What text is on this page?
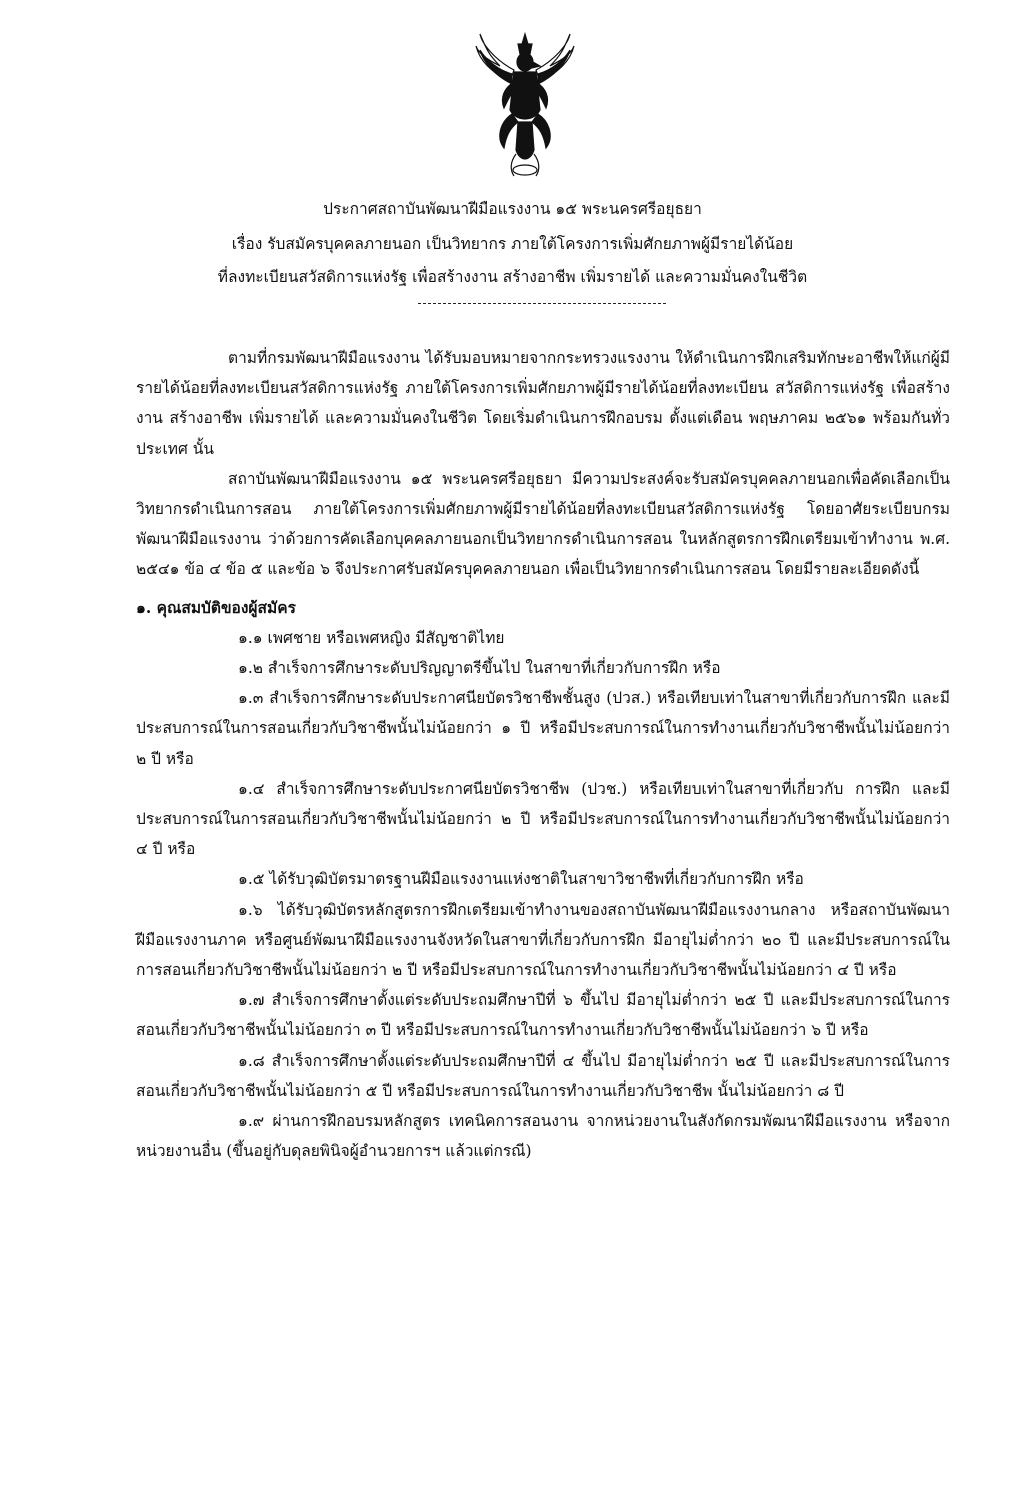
ประกาศสถาบันพัฒนาฝีมือแรงงาน ๑๕ พระนครศรีอยุธยา
เรื่อง รับสมัครบุคคลภายนอก เป็นวิทยากร ภายใต้โครงการเพิ่มศักยภาพผู้มีรายได้น้อย
ที่ลงทะเบียนสวัสดิการแห่งรัฐ เพื่อสร้างงาน สร้างอาชีพ เพิ่มรายได้ และความมั่นคงในชีวิต

ตามที่กรมพัฒนาฝีมือแรงงาน ได้รับมอบหมายจากกระทรวงแรงงาน ให้ดำเนินการฝึกเสริมทักษะอาชีพให้แก่ผู้มีรายได้น้อยที่ลงทะเบียนสวัสดิการแห่งรัฐ ภายใต้โครงการเพิ่มศักยภาพผู้มีรายได้น้อยที่ลงทะเบียน สวัสดิการแห่งรัฐ เพื่อสร้างงาน สร้างอาชีพ เพิ่มรายได้ และความมั่นคงในชีวิต โดยเริ่มดำเนินการฝึกอบรม ตั้งแต่เดือน พฤษภาคม ๒๕๖๑ พร้อมกันทั่วประเทศ นั้น

สถาบันพัฒนาฝีมือแรงงาน ๑๕ พระนครศรีอยุธยา มีความประสงค์จะรับสมัครบุคคลภายนอกเพื่อคัดเลือกเป็นวิทยากรดำเนินการสอน ภายใต้โครงการเพิ่มศักยภาพผู้มีรายได้น้อยที่ลงทะเบียนสวัสดิการแห่งรัฐ โดยอาศัยระเบียบกรมพัฒนาฝีมือแรงงาน ว่าด้วยการคัดเลือกบุคคลภายนอกเป็นวิทยากรดำเนินการสอน ในหลักสูตรการฝึกเตรียมเข้าทำงาน พ.ศ. ๒๕๔๑ ข้อ ๔ ข้อ ๕ และข้อ ๖ จึงประกาศรับสมัครบุคคลภายนอก เพื่อเป็นวิทยากรดำเนินการสอน โดยมีรายละเอียดดังนี้

๑. คุณสมบัติของผู้สมัคร

๑.๑ เพศชาย หรือเพศหญิง มีสัญชาติไทย

๑.๒ สำเร็จการศึกษาระดับปริญญาตรีขึ้นไป ในสาขาที่เกี่ยวกับการฝึก หรือ

๑.๓ สำเร็จการศึกษาระดับประกาศนียบัตรวิชาชีพชั้นสูง (ปวส.) หรือเทียบเท่าในสาขาที่เกี่ยวกับการฝึก และมีประสบการณ์ในการสอนเกี่ยวกับวิชาชีพนั้นไม่น้อยกว่า ๑ ปี หรือมีประสบการณ์ในการทำงานเกี่ยวกับวิชาชีพนั้นไม่น้อยกว่า ๒ ปี หรือ

๑.๔ สำเร็จการศึกษาระดับประกาศนียบัตรวิชาชีพ (ปวช.) หรือเทียบเท่าในสาขาที่เกี่ยวกับ การฝึก และมีประสบการณ์ในการสอนเกี่ยวกับวิชาชีพนั้นไม่น้อยกว่า ๒ ปี หรือมีประสบการณ์ในการทำงานเกี่ยวกับวิชาชีพนั้นไม่น้อยกว่า ๔ ปี หรือ

๑.๕ ได้รับวุฒิบัตรมาตรฐานฝีมือแรงงานแห่งชาติในสาขาวิชาชีพที่เกี่ยวกับการฝึก หรือ

๑.๖ ได้รับวุฒิบัตรหลักสูตรการฝึกเตรียมเข้าทำงานของสถาบันพัฒนาฝีมือแรงงานกลาง หรือสถาบันพัฒนาฝีมือแรงงานภาค หรือศูนย์พัฒนาฝีมือแรงงานจังหวัดในสาขาที่เกี่ยวกับการฝึก มีอายุไม่ต่ำกว่า ๒๐ ปี และมีประสบการณ์ในการสอนเกี่ยวกับวิชาชีพนั้นไม่น้อยกว่า ๒ ปี หรือมีประสบการณ์ในการทำงานเกี่ยวกับวิชาชีพนั้นไม่น้อยกว่า ๔ ปี หรือ

๑.๗ สำเร็จการศึกษาตั้งแต่ระดับประถมศึกษาปีที่ ๖ ขึ้นไป มีอายุไม่ต่ำกว่า ๒๕ ปี และมีประสบการณ์ในการสอนเกี่ยวกับวิชาชีพนั้นไม่น้อยกว่า ๓ ปี หรือมีประสบการณ์ในการทำงานเกี่ยวกับวิชาชีพนั้นไม่น้อยกว่า ๖ ปี หรือ

๑.๘ สำเร็จการศึกษาตั้งแต่ระดับประถมศึกษาปีที่ ๔ ขึ้นไป มีอายุไม่ต่ำกว่า ๒๕ ปี และมีประสบการณ์ในการสอนเกี่ยวกับวิชาชีพนั้นไม่น้อยกว่า ๕ ปี หรือมีประสบการณ์ในการทำงานเกี่ยวกับวิชาชีพ นั้นไม่น้อยกว่า ๘ ปี

๑.๙ ผ่านการฝึกอบรมหลักสูตร เทคนิคการสอนงาน จากหน่วยงานในสังกัดกรมพัฒนาฝีมือแรงงาน หรือจากหน่วยงานอื่น (ขึ้นอยู่กับดุลยพินิจผู้อำนวยการฯ แล้วแต่กรณี)
